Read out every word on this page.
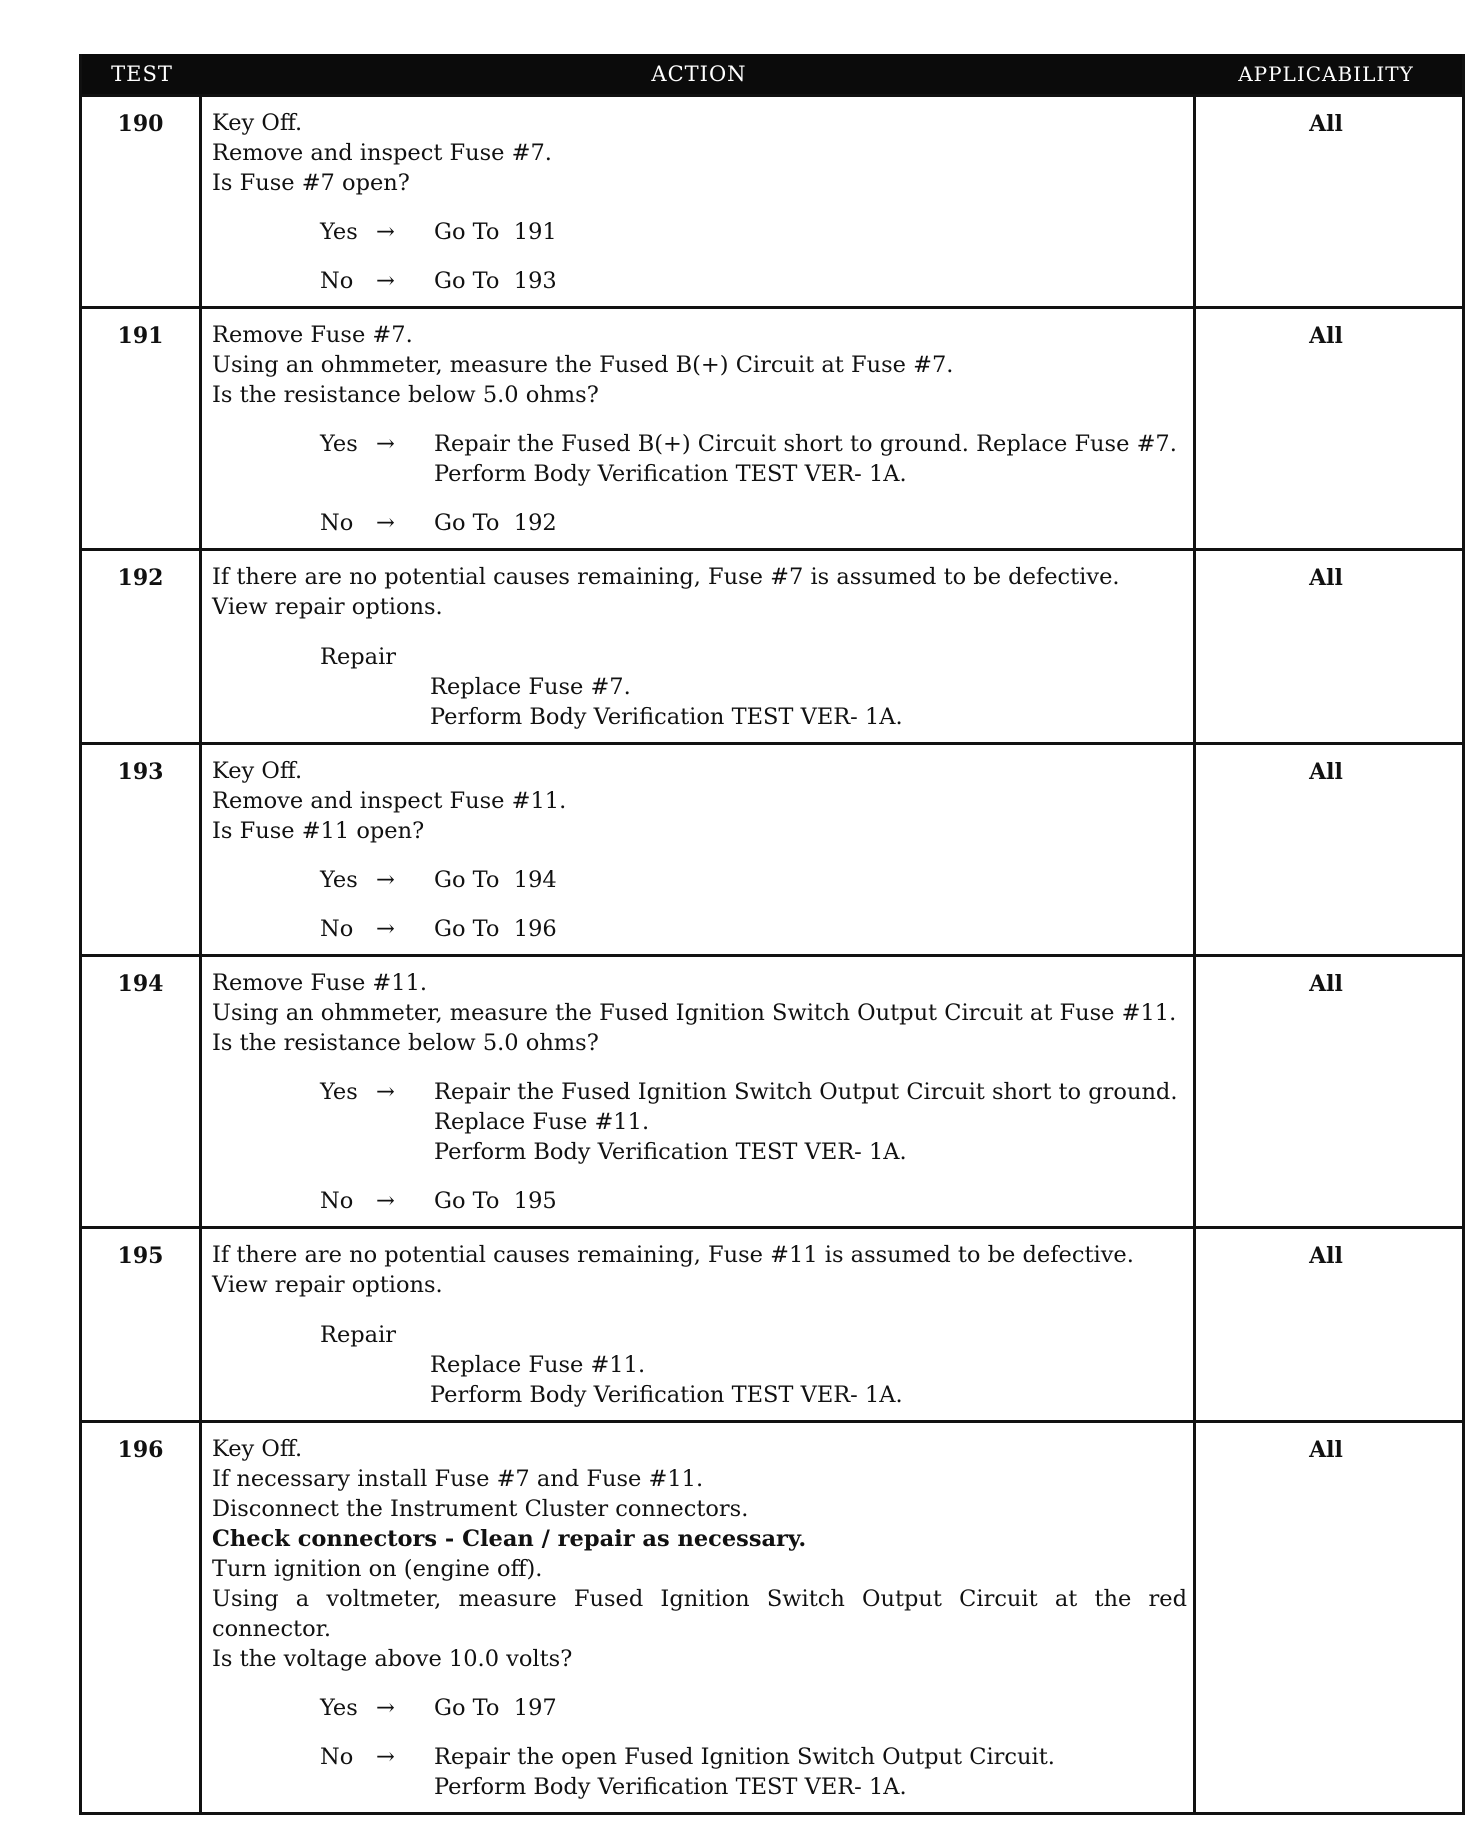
TEST	ACTION	APPLICABILITY
190	Key Off.
Remove and inspect Fuse #7.
Is Fuse #7 open?
Yes →	Go To  191
No	→	Go To  193
All
191	Remove Fuse #7.
Using an ohmmeter, measure the Fused B(+) Circuit at Fuse #7.
Is the resistance below 5.0 ohms?
Yes →	Repair the Fused B(+) Circuit short to ground. Replace Fuse #7.
Perform Body Verification TEST VER- 1A.
No	→	Go To  192
All
192	If there are no potential causes remaining, Fuse #7 is assumed to be defective.
View repair options.
Repair
Replace Fuse #7.
Perform Body Verification TEST VER- 1A.
All
193	Key Off.
Remove and inspect Fuse #11.
Is Fuse #11 open?
Yes →	Go To  194
No	→	Go To  196
All
194	Remove Fuse #11.
Using an ohmmeter, measure the Fused Ignition Switch Output Circuit at Fuse #11.
Is the resistance below 5.0 ohms?
Yes →	Repair the Fused Ignition Switch Output Circuit short to ground.
Replace Fuse #11.
Perform Body Verification TEST VER- 1A.
No	→	Go To  195
All
195	If there are no potential causes remaining, Fuse #11 is assumed to be defective.
View repair options.
Repair
Replace Fuse #11.
Perform Body Verification TEST VER- 1A.
All
196	Key Off.
If necessary install Fuse #7 and Fuse #11.
Disconnect the Instrument Cluster connectors.
Check connectors - Clean / repair as necessary.
Turn ignition on (engine off).
Using a voltmeter, measure Fused Ignition Switch Output Circuit at the red connector.
Is the voltage above 10.0 volts?
Yes →	Go To  197
No	→	Repair the open Fused Ignition Switch Output Circuit.
Perform Body Verification TEST VER- 1A.
All
